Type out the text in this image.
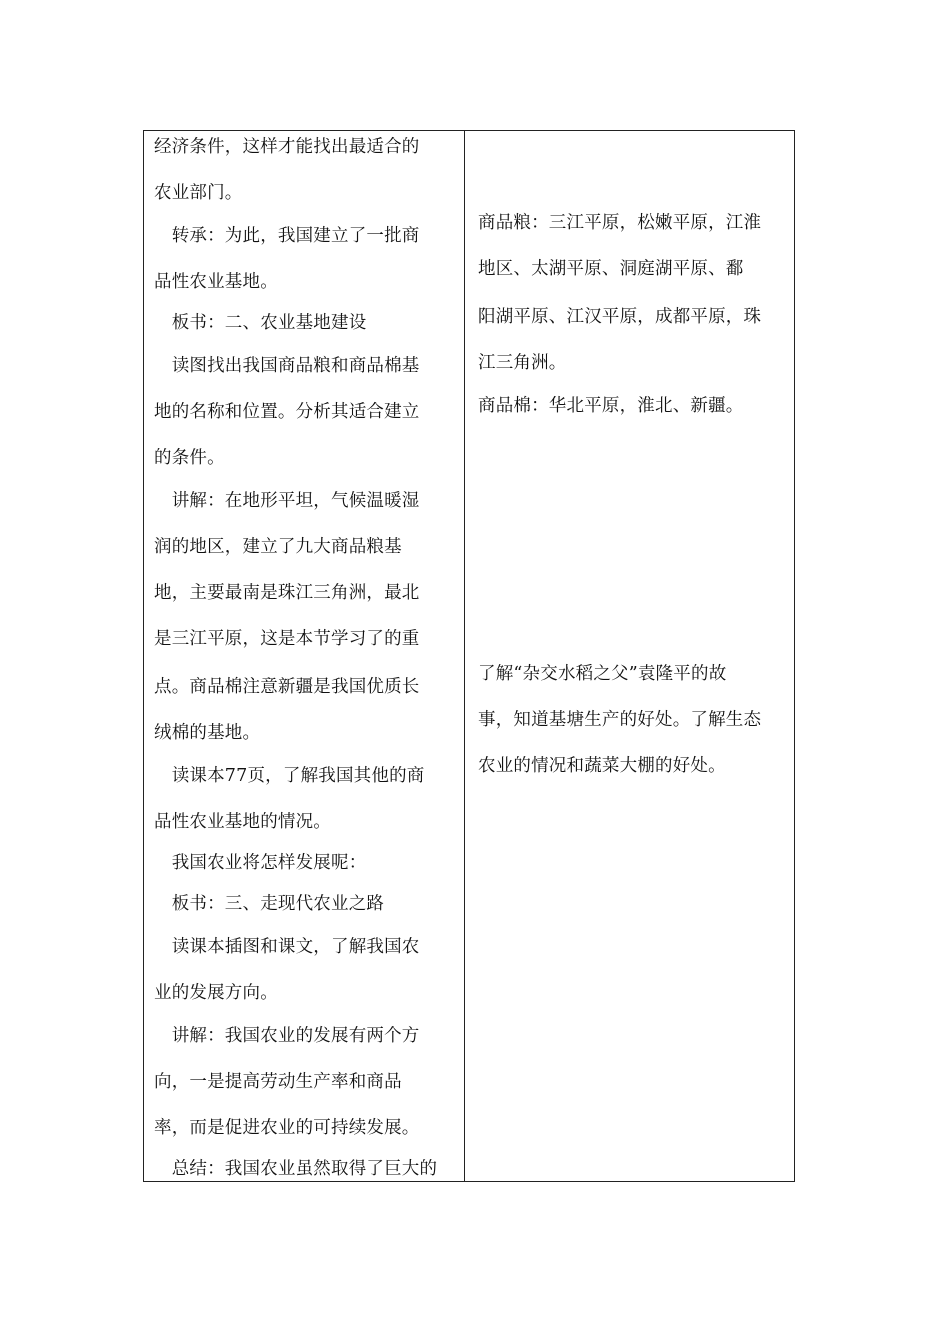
经济条件，这样才能找出最适合的
农业部门。
　转承：为此，我国建立了一批商
品性农业基地。
　板书：二、农业基地建设
　读图找出我国商品粮和商品棉基
地的名称和位置。分析其适合建立
的条件。
　讲解：在地形平坦，气候温暖湿
润的地区，建立了九大商品粮基
地，主要最南是珠江三角洲，最北
是三江平原，这是本节学习了的重
点。商品棉注意新疆是我国优质长
绒棉的基地。
　读课本77页，了解我国其他的商
品性农业基地的情况。
　我国农业将怎样发展呢：
　板书：三、走现代农业之路
　读课本插图和课文，了解我国农
业的发展方向。
　讲解：我国农业的发展有两个方
向，一是提高劳动生产率和商品
率，而是促进农业的可持续发展。
　总结：我国农业虽然取得了巨大的
商品粮：三江平原，松嫩平原，江淮
地区、太湖平原、洞庭湖平原、鄱
阳湖平原、江汉平原，成都平原，珠
江三角洲。
商品棉：华北平原，淮北、新疆。
了解“杂交水稻之父”袁隆平的故
事，知道基塘生产的好处。了解生态
农业的情况和蔬菜大棚的好处。
